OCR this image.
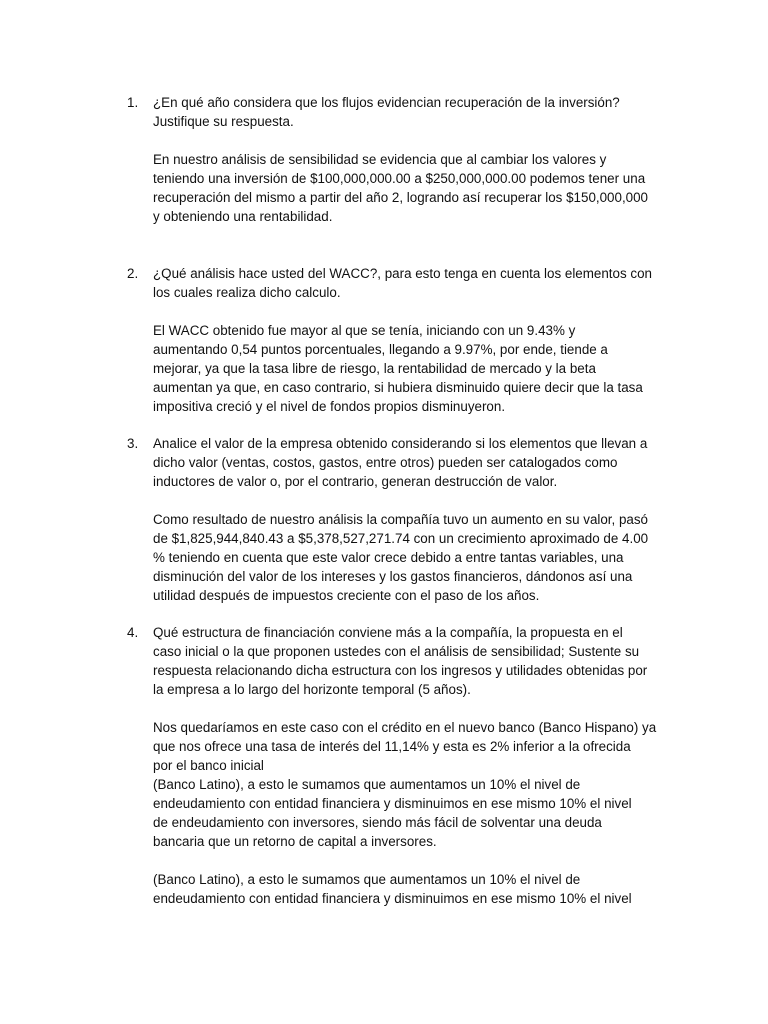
1.	¿En qué año considera que los flujos evidencian recuperación de la inversión?
Justifique su respuesta.
En nuestro análisis de sensibilidad se evidencia que al cambiar los valores y
teniendo una inversión de $100,000,000.00 a $250,000,000.00 podemos tener una
recuperación del mismo a partir del año 2, logrando así recuperar los $150,000,000
y obteniendo una rentabilidad.
2.	¿Qué análisis hace usted del WACC?, para esto tenga en cuenta los elementos con
los cuales realiza dicho calculo.
El WACC obtenido fue mayor al que se tenía, iniciando con un 9.43% y
aumentando 0,54 puntos porcentuales, llegando a 9.97%, por ende, tiende a
mejorar, ya que la tasa libre de riesgo, la rentabilidad de mercado y la beta
aumentan ya que, en caso contrario, si hubiera disminuido quiere decir que la tasa
impositiva creció y el nivel de fondos propios disminuyeron.
3.	Analice el valor de la empresa obtenido considerando si los elementos que llevan a
dicho valor (ventas, costos, gastos, entre otros) pueden ser catalogados como
inductores de valor o, por el contrario, generan destrucción de valor.
Como resultado de nuestro análisis la compañía tuvo un aumento en su valor, pasó
de $1,825,944,840.43 a $5,378,527,271.74 con un crecimiento aproximado de 4.00
% teniendo en cuenta que este valor crece debido a entre tantas variables, una
disminución del valor de los intereses y los gastos financieros, dándonos así una
utilidad después de impuestos creciente con el paso de los años.
4.	Qué estructura de financiación conviene más a la compañía, la propuesta en el
caso inicial o la que proponen ustedes con el análisis de sensibilidad; Sustente su
respuesta relacionando dicha estructura con los ingresos y utilidades obtenidas por
la empresa a lo largo del horizonte temporal (5 años).
Nos quedaríamos en este caso con el crédito en el nuevo banco (Banco Hispano) ya
que nos ofrece una tasa de interés del 11,14% y esta es 2% inferior a la ofrecida
por el banco inicial
(Banco Latino), a esto le sumamos que aumentamos un 10% el nivel de
endeudamiento con entidad financiera y disminuimos en ese mismo 10% el nivel
de endeudamiento con inversores, siendo más fácil de solventar una deuda
bancaria que un retorno de capital a inversores.
(Banco Latino), a esto le sumamos que aumentamos un 10% el nivel de
endeudamiento con entidad financiera y disminuimos en ese mismo 10% el nivel
